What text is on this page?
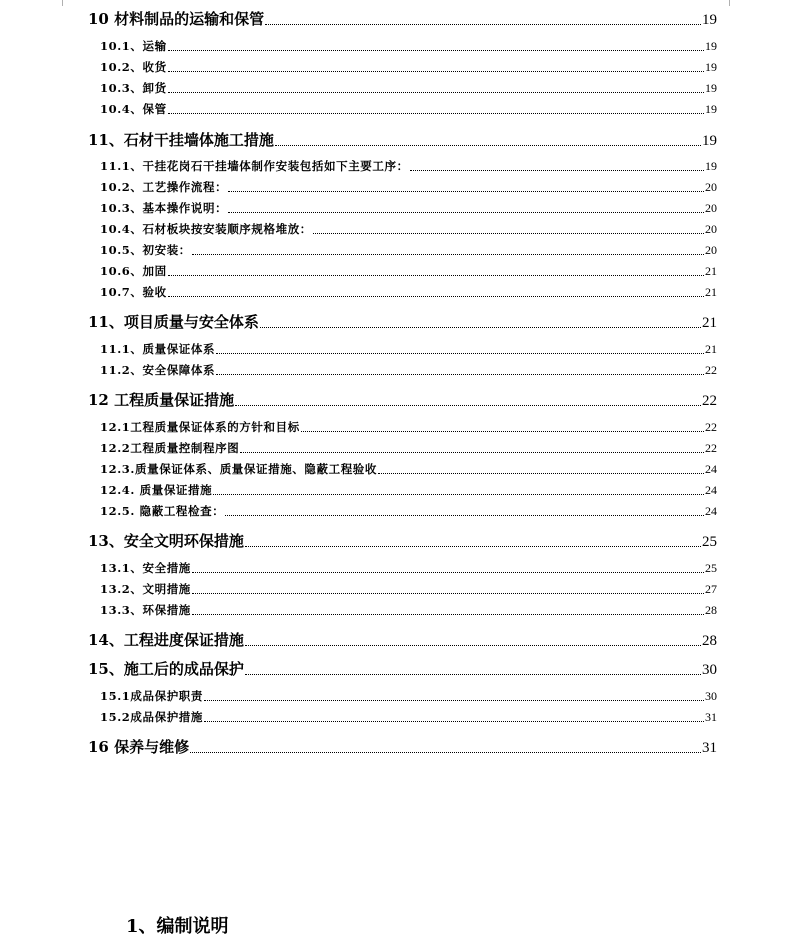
10 材料制品的运输和保管	19
10.1、运输	19
10.2、收货	19
10.3、卸货	19
10.4、保管	19
11、石材干挂墙体施工措施	19
11.1、干挂花岗石干挂墙体制作安装包括如下主要工序：	19
10.2、工艺操作流程：	20
10.3、基本操作说明：	20
10.4、石材板块按安装顺序规格堆放：	20
10.5、初安装：	20
10.6、加固	21
10.7、验收	21
11、项目质量与安全体系	21
11.1、质量保证体系	21
11.2、安全保障体系	22
12 工程质量保证措施	22
12.1工程质量保证体系的方针和目标	22
12.2工程质量控制程序图	22
12.3.质量保证体系、质量保证措施、隐蔽工程验收	24
12.4. 质量保证措施	24
12.5. 隐蔽工程检查：	24
13、安全文明环保措施	25
13.1、安全措施	25
13.2、文明措施	27
13.3、环保措施	28
14、工程进度保证措施	28
15、施工后的成品保护	30
15.1成品保护职责	30
15.2成品保护措施	31
16 保养与维修	31
1、编制说明
